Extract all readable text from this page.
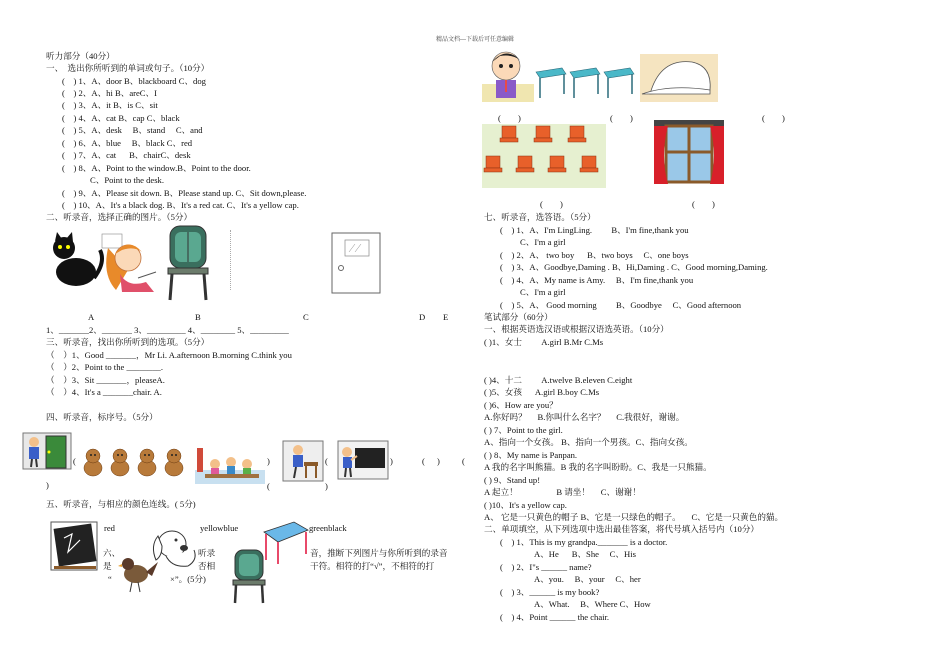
精品文档---下载后可任意编辑
听力部分（40分）
一、　选出你所听到的单词或句子。（10分）
(　) 1、A、door B、blackboard C、dog
(　) 2、A、hi B、areC、I
(　) 3、A、it B、is C、sit
(　) 4、A、cat B、cap C、black
(　) 5、A、desk 　B、stand 　C、and
(　) 6、A、blue 　B、black C、red
(　) 7、A、cat 　 B、chairC、desk
(　) 8、A、Point to the window.B、Point to the door.
C、Point to the desk.
(　) 9、A、Please sit down. B、Please stand up. C、Sit down,please.
(　) 10、A、It's a black dog. B、It's a red cat. C、It's a yellow cap.
二、听录音，选择正确的图片。（5分）
A	B	C	D E
1、_______2、_______ 3、_________ 4、________ 5、_________
三、听录音，找出你所听到的选项。（5分）
（　）1、Good _______，Mr Li. A.afternoon B.morning C.think you
（　）2、Point to the ________.
（　）3、Sit _______，pleaseA.
（　）4、It's a _______chair. A.
四、听录音，标序号。（5分）
(	)	(	)	( )	(
)	(	)
五、听录音，与相应的颜色连线。( 5分)
red	yellowblue	greenblack
六、	听录	音，推断下列图片与你所听到的录音
是	否相	干符。相符的打“√”，不相符的打
“	×”。(5分)
(　　)	(　　)	(　　)
(　　)	(　　)
七、听录音，选答语。（5分）
(　) 1、A、I'm LingLing. 　　B、I'm fine,thank you
C、I'm a girl
(　) 2、A、 two boy 　 B、two boys 　C、one boys
(　) 3、A、Goodbye,Daming . B、Hi,Daming . C、Good morning,Daming.
(　) 4、A、My name is Amy. 　B、I'm fine,thank you
C、I'm a girl
(　) 5、A、 Good morning 　　B、Goodbye 　C、Good afternoon
笔试部分（60分）
一、根据英语选汉语或根据汉语选英语。（10分）
( )1、女士 　　A.girl B.Mr C.Ms
( )4、十二 　　A.twelve B.eleven C.eight
( )5、女孩 　 A.girl B.boy C.Ms
( )6、How are you？
A.你好吗？ 　B.你叫什么名字？ 　C.我很好，谢谢。
( ) 7、Point to the girl.
A、指向一个女孩。 B、指向一个男孩。C、指向女孩。
( ) 8、My name is Panpan.
A 我的名字叫熊猫。B 我的名字叫盼盼。C、我是一只熊猫。
( ) 9、Stand up!
A 起立！ 　　　　 B 请坐！ 　C、谢谢！
( )10、It's a yellow cap.
A、 它是一只黄色的帽子 B、它是一只绿色的帽子。 　C、它是一只黄色的猫。
二、单项填空，从下列选项中选出最佳答案，将代号填入括号内（10分）
(　) 1、This is my grandpa._______ is a doctor.
A、He 　 B、She 　C、His
(　) 2、I"s ______ name?
A、you. 　B、your 　C、her
(　) 3、______ is my book?
A、What. 　B、Where C、How
(　) 4、Point ______ the chair.
